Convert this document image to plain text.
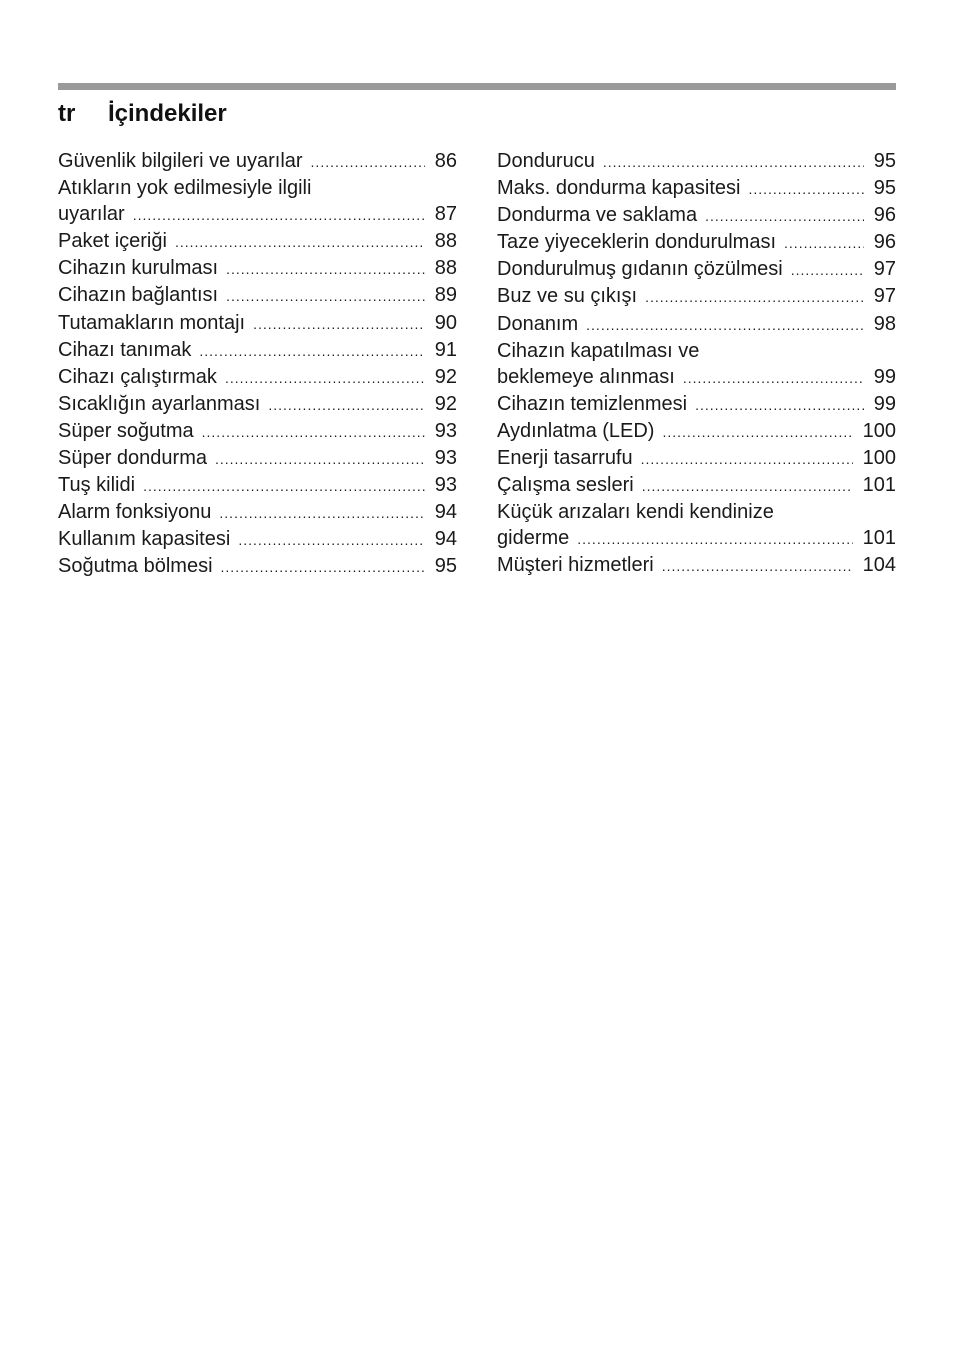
tr	İçindekiler
Güvenlik bilgileri ve uyarılar .....	86
Atıkların yok edilmesiyle ilgili
uyarılar .....	87
Paket içeriği .....	88
Cihazın kurulması .....	88
Cihazın bağlantısı .....	89
Tutamakların montajı .....	90
Cihazı tanımak .....	91
Cihazı çalıştırmak .....	92
Sıcaklığın ayarlanması .....	92
Süper soğutma .....	93
Süper dondurma .....	93
Tuş kilidi .....	93
Alarm fonksiyonu .....	94
Kullanım kapasitesi .....	94
Soğutma bölmesi .....	95
Dondurucu .....	95
Maks. dondurma kapasitesi .....	95
Dondurma ve saklama .....	96
Taze yiyeceklerin dondurulması .....	96
Dondurulmuş gıdanın çözülmesi .....	97
Buz ve su çıkışı .....	97
Donanım .....	98
Cihazın kapatılması ve
beklemeye alınması .....	99
Cihazın temizlenmesi .....	99
Aydınlatma (LED) .....	100
Enerji tasarrufu .....	100
Çalışma sesleri .....	101
Küçük arızaları kendi kendinize
giderme .....	101
Müşteri hizmetleri .....	104
